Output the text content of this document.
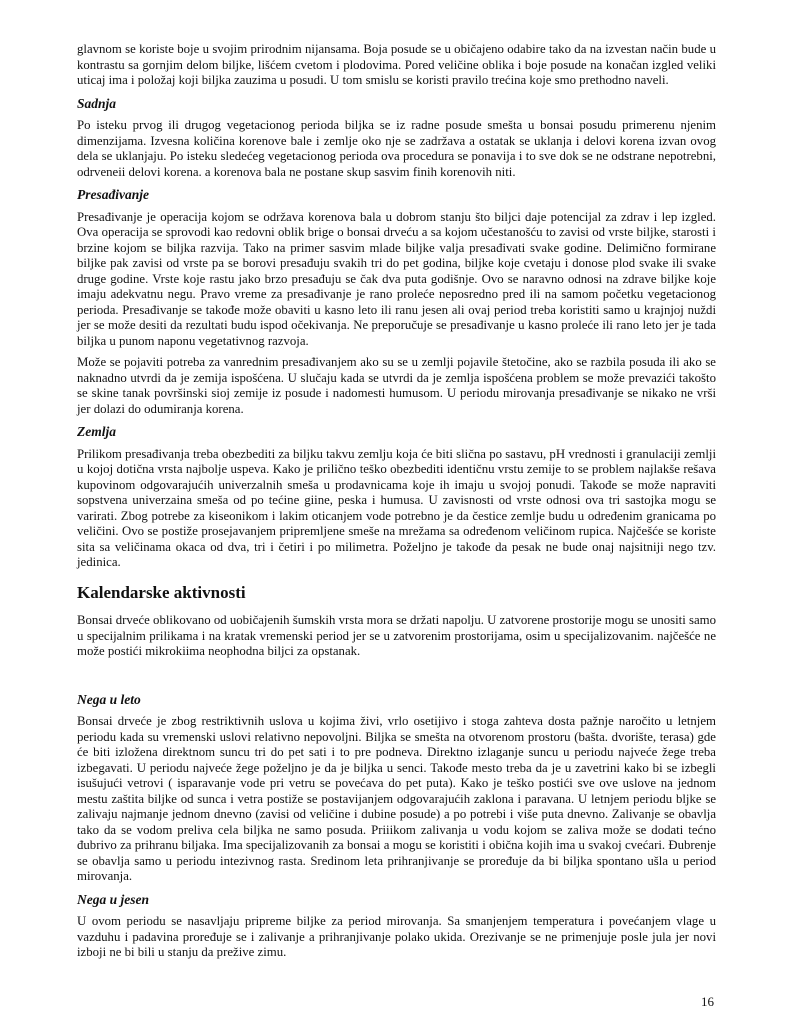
glavnom se koriste boje u svojim prirodnim nijansama. Boja posude se u običajeno odabire tako da na izvestan način bude u kontrastu sa gornjim delom biljke, lišćem cvetom i plodovima. Pored veličine oblika i boje posude na konačan izgled veliki uticaj ima i položaj koji biljka zauzima u posudi. U tom smislu se koristi pravilo trećina koje smo prethodno naveli.

Sadnja

Po isteku prvog ili drugog vegetacionog perioda biljka se iz radne posude smešta u bonsai posudu primerenu njenim dimenzijama. Izvesna količina korenove bale i zemlje oko nje se zadržava a ostatak se uklanja i delovi korena izvan ovog dela se uklanjaju. Po isteku sledećeg vegetacionog perioda ova procedura se ponavija i to sve dok se ne odstrane nepotrebni, odrveneii delovi korena. a korenova bala ne postane skup sasvim finih korenovih niti.

Presađivanje

Presađivanje je operacija kojom se održava korenova bala u dobrom stanju što biljci daje potencijal za zdrav i lep izgled. Ova operacija se sprovodi kao redovni oblik brige o bonsai drveću a sa kojom učestanošću to zavisi od vrste biljke, starosti i brzine kojom se biljka razvija. Tako na primer sasvim mlade biljke valja presađivati svake godine. Delimično formirane biljke pak zavisi od vrste pa se borovi presađuju svakih tri do pet godina, biljke koje cvetaju i donose plod svake ili svake druge godine. Vrste koje rastu jako brzo presađuju se čak dva puta godišnje. Ovo se naravno odnosi na zdrave biljke koje imaju adekvatnu negu. Pravo vreme za presađivanje je rano proleće neposredno pred ili na samom početku vegetacionog perioda. Presađivanje se takođe može obaviti u kasno leto ili ranu jesen ali ovaj period treba koristiti samo u krajnjoj nuždi jer se može desiti da rezultati budu ispod očekivanja. Ne preporučuje se presađivanje u kasno proleće ili rano leto jer je tada biljka u punom naponu vegetativnog razvoja.

Može se pojaviti potreba za vanrednim presađivanjem ako su se u zemlji pojavile štetočine, ako se razbila posuda ili ako se naknadno utvrdi da je zemija ispošćena. U slučaju kada se utvrdi da je zemlja ispošćena problem se može prevazići takošto se skine tanak površinski sioj zemije iz posude i nadomesti humusom. U periodu mirovanja presađivanje se nikako ne vrši jer dolazi do odumiranja korena.

Zemlja

Prilikom presađivanja treba obezbediti za biljku takvu zemlju koja će biti slična po sastavu, pH vrednosti i granulaciji zemlji u kojoj dotična vrsta najbolje uspeva. Kako je prilično teško obezbediti identičnu vrstu zemije to se problem najlakše rešava kupovinom odgovarajućih univerzalnih smeša u prodavnicama koje ih imaju u svojoj ponudi. Takođe se može napraviti sopstvena univerzaina smeša od po tećine giine, peska i humusa. U zavisnosti od vrste odnosi ova tri sastojka mogu se varirati. Zbog potrebe za kiseonikom i lakim oticanjem vode potrebno je da čestice zemlje budu u određenim granicama po veličini. Ovo se postiže prosejavanjem pripremljene smeše na mrežama sa određenom veličinom rupica. Najčešće se koriste sita sa veličinama okaca od dva, tri i četiri i po milimetra. Poželjno je takođe da pesak ne bude onaj najsitniji nego tzv. jedinica.

Kalendarske aktivnosti

Bonsai drveće oblikovano od uobičajenih šumskih vrsta mora se držati napolju. U zatvorene prostorije mogu se unositi samo u specijalnim prilikama i na kratak vremenski period jer se u zatvorenim prostorijama, osim u specijalizovanim. najčešće ne može postići mikrokiima neophodna biljci za opstanak.

Nega u leto

Bonsai drveće je zbog restriktivnih uslova u kojima živi, vrlo osetijivo i stoga zahteva dosta pažnje naročito u letnjem periodu kada su vremenski uslovi relativno nepovoljni. Biljka se smešta na otvorenom prostoru (bašta. dvorište, terasa) gde će biti izložena direktnom suncu tri do pet sati i to pre podneva. Direktno izlaganje suncu u periodu najveće žege treba izbegavati. U periodu najveće žege poželjno je da je biljka u senci. Takođe mesto treba da je u zavetrini kako bi se izbegli isušujući vetrovi ( isparavanje vode pri vetru se povećava do pet puta). Kako je teško postići sve ove uslove na jednom mestu zaštita biljke od sunca i vetra postiže se postavijanjem odgovarajućih zaklona i paravana. U letnjem periodu bljke se zalivaju najmanje jednom dnevno (zavisi od veličine i dubine posude) a po potrebi i više puta dnevno. Zalivanje se obavlja tako da se vodom preliva cela biljka ne samo posuda. Priiikom zalivanja u vodu kojom se zaliva može se dodati tećno đubrivo za prihranu biljaka. Ima specijalizovanih za bonsai a mogu se koristiti i obična kojih ima u svakoj cvećari. Đubrenje se obavlja samo u periodu intezivnog rasta. Sredinom leta prihranjivanje se prorеđuje da bi biljka spontano ušla u period mirovanja.

Nega u jesen

U ovom periodu se nasavljaju pripreme biljke za period mirovanja. Sa smanjenjem temperatura i povećanjem vlage u vazduhu i padavina proređuje se i zalivanje a prihranjivanje polako ukida. Orezivanje se ne primenjuje posle jula jer novi izboji ne bi bili u stanju da prežive zimu.

16
